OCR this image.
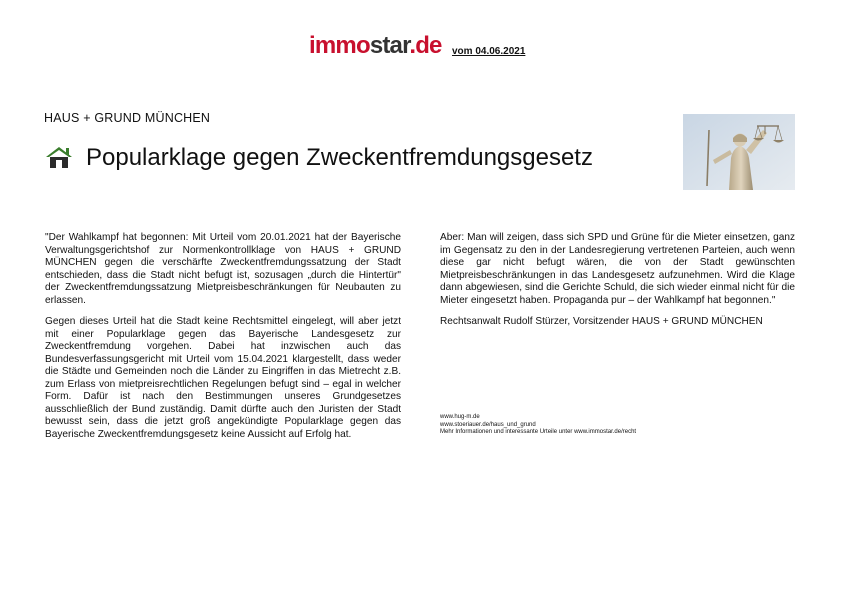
immostar.de vom 04.06.2021
HAUS + GRUND MÜNCHEN
Popularklage gegen Zweckentfremdungsgesetz

"Der Wahlkampf hat begonnen: Mit Urteil vom 20.01.2021 hat der Bayerische Verwaltungsgerichtshof zur Normenkontrollklage von HAUS + GRUND MÜNCHEN gegen die verschärfte Zweckentfremdungssatzung der Stadt entschieden, dass die Stadt nicht befugt ist, sozusagen „durch die Hintertür" der Zweckentfremdungssatzung Mietpreisbeschränkungen für Neubauten zu erlassen.

Gegen dieses Urteil hat die Stadt keine Rechtsmittel eingelegt, will aber jetzt mit einer Popularklage gegen das Bayerische Landesgesetz zur Zweckentfremdung vorgehen. Dabei hat inzwischen auch das Bundesverfassungsgericht mit Urteil vom 15.04.2021 klargestellt, dass weder die Städte und Gemeinden noch die Länder zu Eingriffen in das Mietrecht z.B. zum Erlass von mietpreisrechtlichen Regelungen befugt sind – egal in welcher Form. Dafür ist nach den Bestimmungen unseres Grundgesetzes ausschließlich der Bund zuständig. Damit dürfte auch den Juristen der Stadt bewusst sein, dass die jetzt groß angekündigte Popularklage gegen das Bayerische Zweckentfremdungsgesetz keine Aussicht auf Erfolg hat.

Aber: Man will zeigen, dass sich SPD und Grüne für die Mieter einsetzen, ganz im Gegensatz zu den in der Landesregierung vertretenen Parteien, auch wenn diese gar nicht befugt wären, die von der Stadt gewünschten Mietpreisbeschränkungen in das Landesgesetz aufzunehmen. Wird die Klage dann abgewiesen, sind die Gerichte Schuld, die sich wieder einmal nicht für die Mieter eingesetzt haben. Propaganda pur – der Wahlkampf hat begonnen."

Rechtsanwalt Rudolf Stürzer, Vorsitzender HAUS + GRUND MÜNCHEN

www.hug-m.de
www.stoeriauer.de/haus_und_grund
Mehr Informationen und interessante Urteile unter www.immostar.de/recht
